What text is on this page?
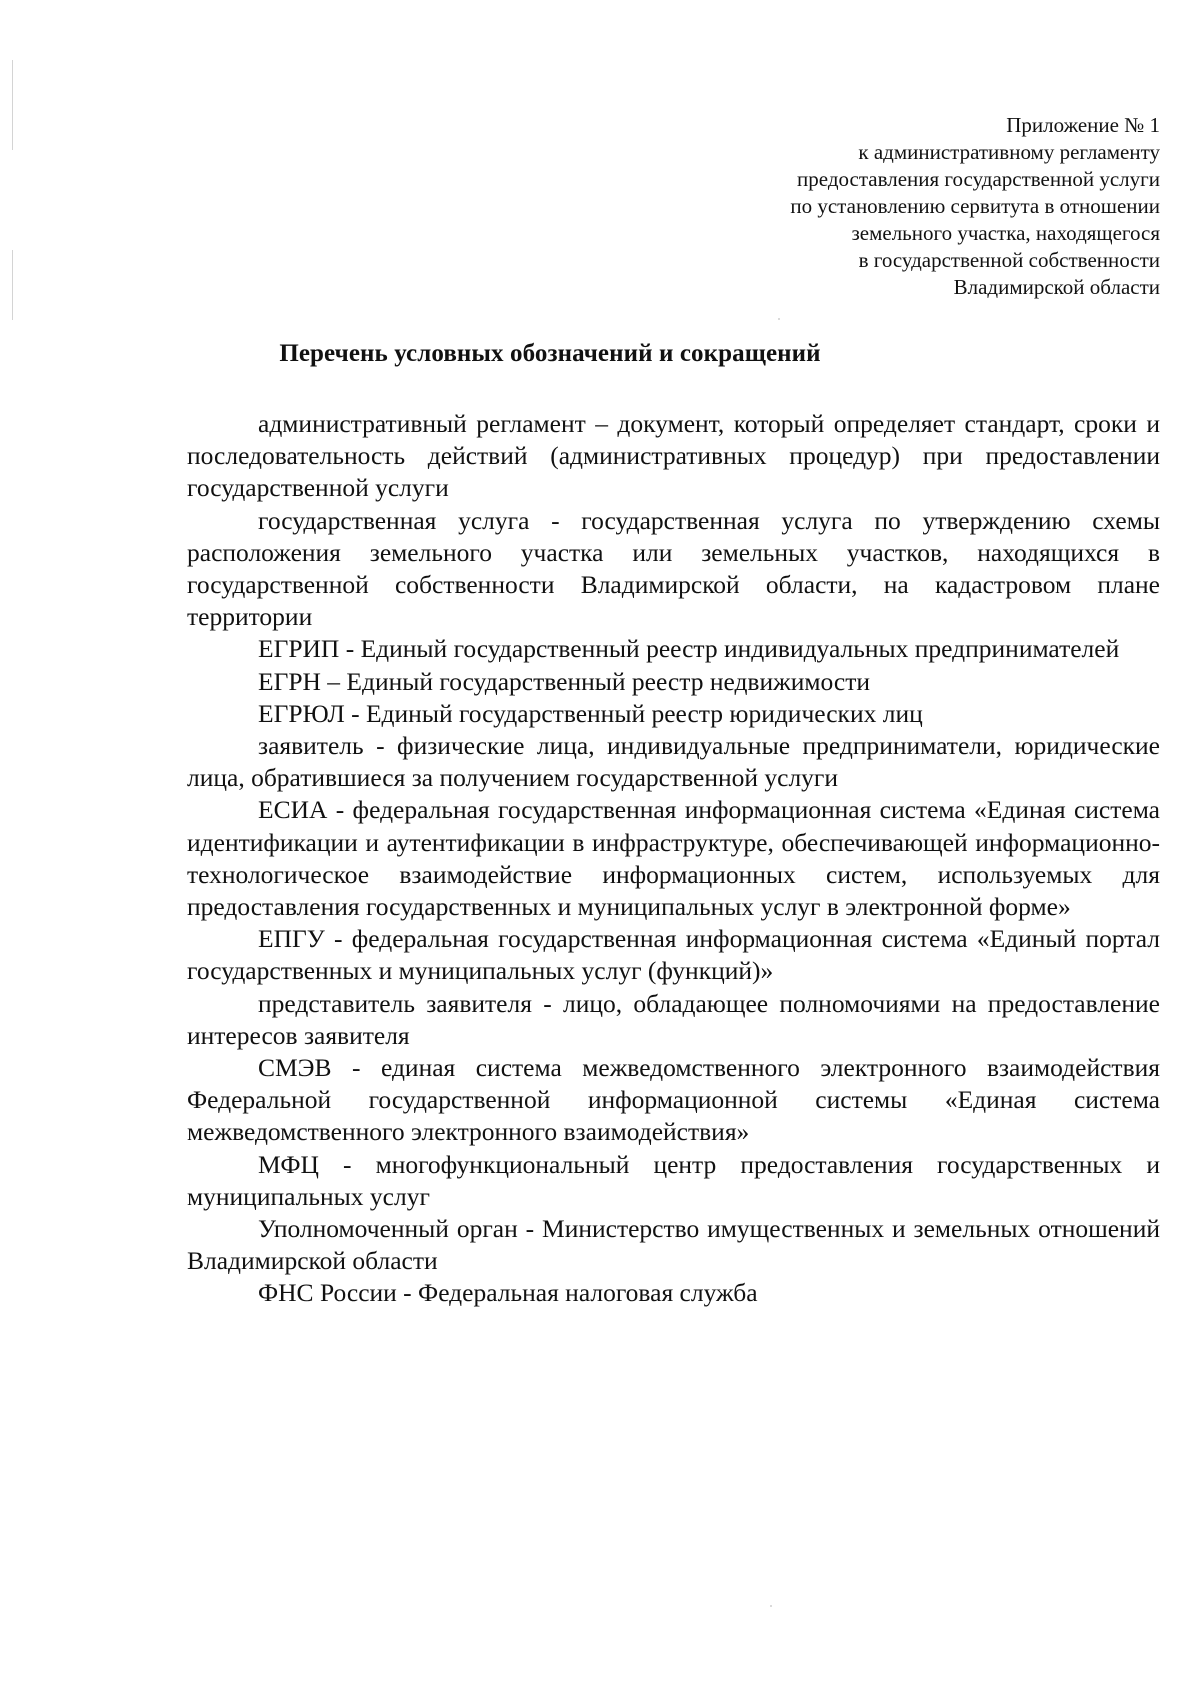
Приложение № 1
к административному регламенту
предоставления государственной услуги
по установлению сервитута в отношении
земельного участка, находящегося
в государственной собственности
Владимирской области
Перечень условных обозначений и сокращений

административный регламент – документ, который определяет стандарт, сроки и последовательность действий (административных процедур) при предоставлении государственной услуги

государственная услуга - государственная услуга по утверждению схемы расположения земельного участка или земельных участков, находящихся в государственной собственности Владимирской области, на кадастровом плане территории

ЕГРИП - Единый государственный реестр индивидуальных предпринимателей

ЕГРН – Единый государственный реестр недвижимости

ЕГРЮЛ - Единый государственный реестр юридических лиц

заявитель - физические лица, индивидуальные предприниматели, юридические лица, обратившиеся за получением государственной услуги

ЕСИА - федеральная государственная информационная система «Единая система идентификации и аутентификации в инфраструктуре, обеспечивающей информационно-технологическое взаимодействие информационных систем, используемых для предоставления государственных и муниципальных услуг в электронной форме»

ЕПГУ - федеральная государственная информационная система «Единый портал государственных и муниципальных услуг (функций)»

представитель заявителя - лицо, обладающее полномочиями на предоставление интересов заявителя

СМЭВ - единая система межведомственного электронного взаимодействия Федеральной государственной информационной системы «Единая система межведомственного электронного взаимодействия»

МФЦ - многофункциональный центр предоставления государственных и муниципальных услуг

Уполномоченный орган - Министерство имущественных и земельных отношений Владимирской области

ФНС России - Федеральная налоговая служба
